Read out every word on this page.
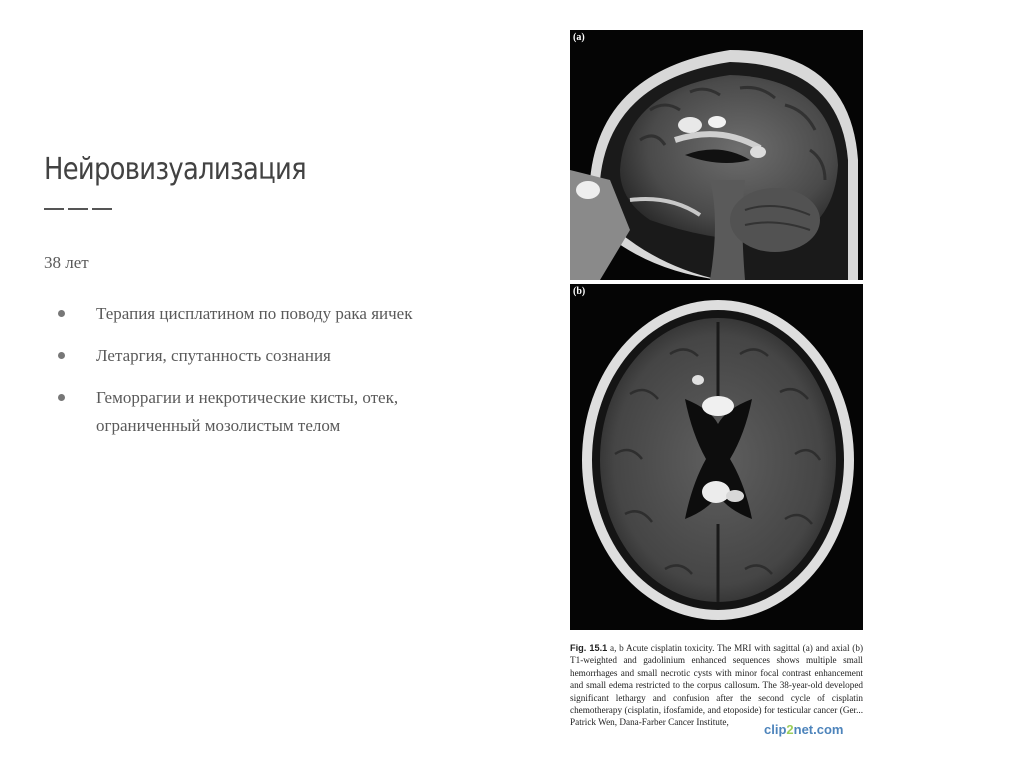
Нейровизуализация
38 лет
Терапия цисплатином по поводу рака яичек
Летаргия, спутанность сознания
Геморрагии и некротические кисты, отек, ограниченный мозолистым телом
(a)
(b)
Fig. 15.1 a, b Acute cisplatin toxicity. The MRI with sagittal (a) and axial (b) T1-weighted and gadolinium enhanced sequences shows multiple small hemorrhages and small necrotic cysts with minor focal contrast enhancement and small edema restricted to the corpus callosum. The 38-year-old developed significant lethargy and confusion after the second cycle of cisplatin chemotherapy (cisplatin, ifosfamide, and etoposide) for testicular cancer (Ger... Patrick Wen, Dana-Farber Cancer Institute,	clip2net.com
